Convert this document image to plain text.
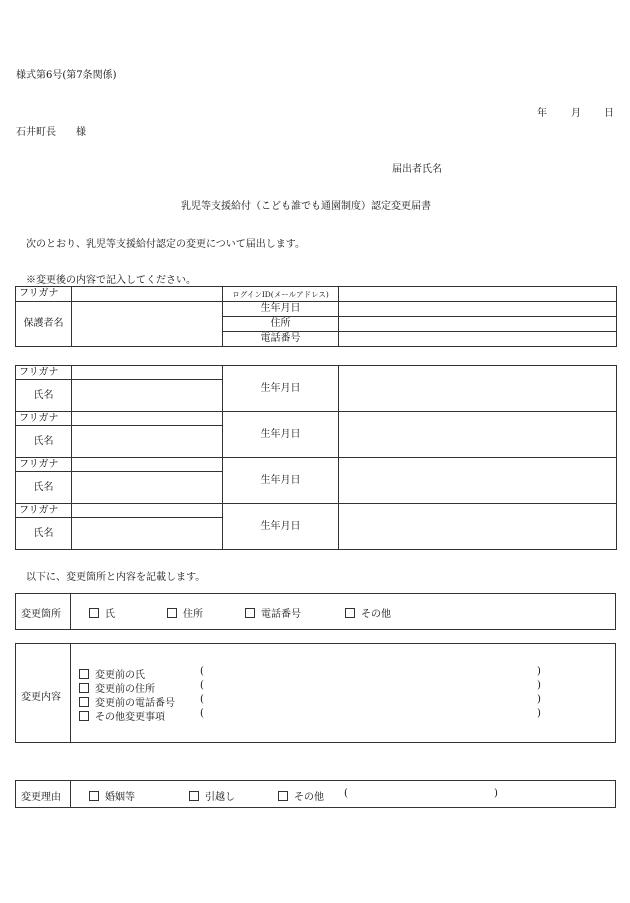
様式第6号(第7条関係)
年 月 日
石井町長　　様
届出者氏名
乳児等支援給付（こども誰でも通園制度）認定変更届書
次のとおり、乳児等支援給付認定の変更について届出します。
※変更後の内容で記入してください。
フリガナ		ログインID(メールアドレス)	
保護者名		生年月日	
		住所	
		電話番号	
フリガナ		生年月日	
氏名			
フリガナ		生年月日	
氏名			
フリガナ		生年月日	
氏名			
フリガナ		生年月日	
氏名			
以下に、変更箇所と内容を記載します。
変更箇所	氏	住所	電話番号	その他
変更内容
変更前の氏	(	)
変更前の住所	(	)
変更前の電話番号	(	)
その他変更事項	(	)
変更理由	婚姻等	引越し	その他 (	)
